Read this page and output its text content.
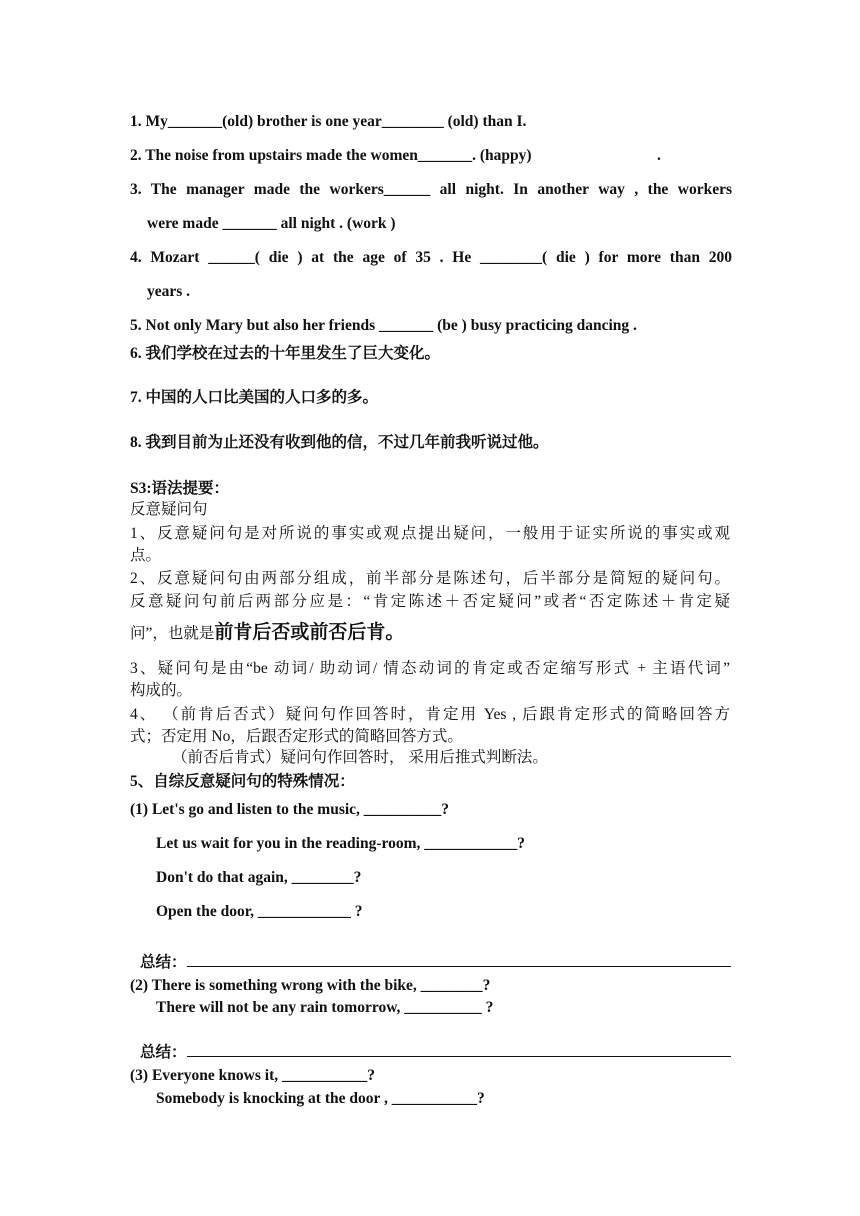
1. My_______(old) brother is one year________ (old) than I.
2. The noise from upstairs made the women_______. (happy)	.
3. The manager made the workers______ all night. In another way , the workers
were made _______ all night . (work )
4. Mozart ______( die ) at the age of 35 . He ________( die ) for more than 200
years .
5. Not only Mary but also her friends _______ (be ) busy practicing dancing .
6. 我们学校在过去的十年里发生了巨大变化。
7. 中国的人口比美国的人口多的多。
8. 我到目前为止还没有收到他的信，不过几年前我听说过他。
S3:语法提要：
反意疑问句
1、反意疑问句是对所说的事实或观点提出疑问，一般用于证实所说的事实或观
点。
2、反意疑问句由两部分组成，前半部分是陈述句，后半部分是简短的疑问句。
反意疑问句前后两部分应是：“肯定陈述＋否定疑问”或者“否定陈述＋肯定疑
问”，也就是前肯后否或前否后肯。
3、疑问句是由“be 动词/ 助动词/ 情态动词的肯定或否定缩写形式 + 主语代词”
构成的。
4、 （前肯后否式）疑问句作回答时，肯定用 Yes , 后跟肯定形式的简略回答方
式；否定用 No，后跟否定形式的简略回答方式。
（前否后肯式）疑问句作回答时， 采用后推式判断法。
5、自综反意疑问句的特殊情况：
(1) Let's go and listen to the music, __________?
Let us wait for you in the reading-room, ____________?
Don't do that again, ________?
Open the door, ____________ ?
总结：
(2) There is something wrong with the bike, ________?
There will not be any rain tomorrow, __________ ?
总结：
(3) Everyone knows it, ___________?
Somebody is knocking at the door , ___________?
